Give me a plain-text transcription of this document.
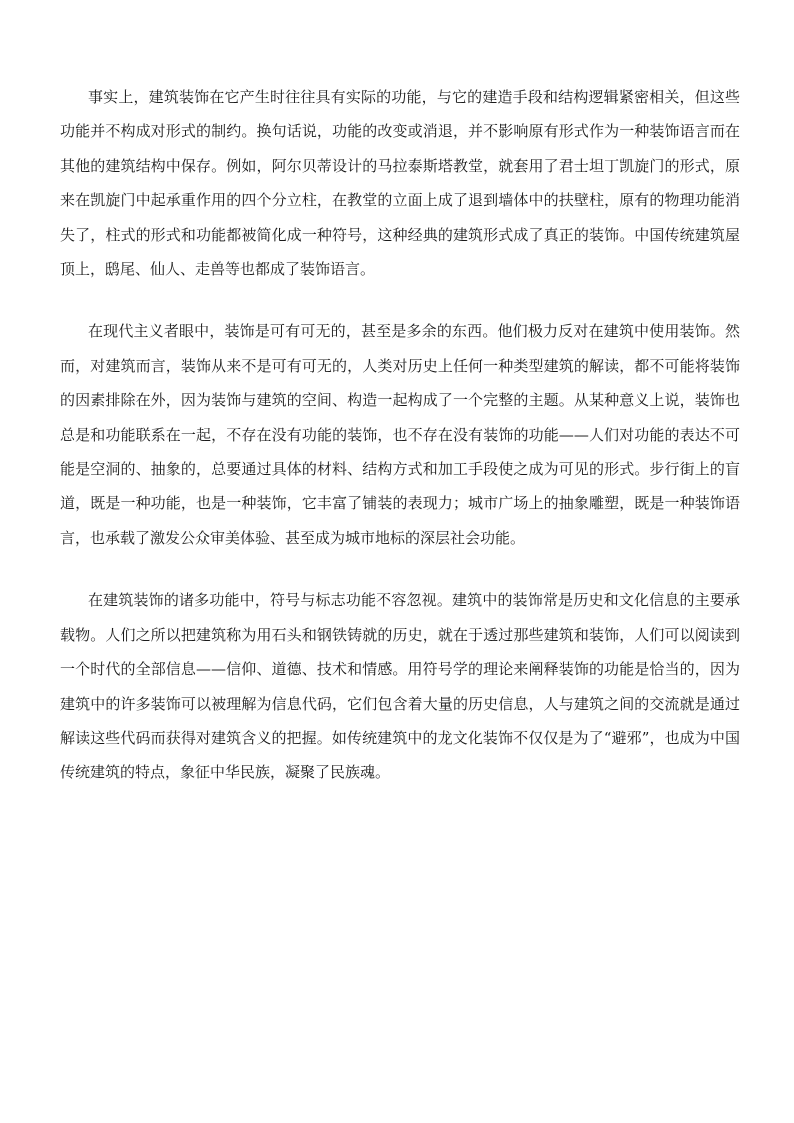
事实上，建筑装饰在它产生时往往具有实际的功能，与它的建造手段和结构逻辑紧密相关，但这些功能并不构成对形式的制约。换句话说，功能的改变或消退，并不影响原有形式作为一种装饰语言而在其他的建筑结构中保存。例如，阿尔贝蒂设计的马拉泰斯塔教堂，就套用了君士坦丁凯旋门的形式，原来在凯旋门中起承重作用的四个分立柱，在教堂的立面上成了退到墙体中的扶壁柱，原有的物理功能消失了，柱式的形式和功能都被简化成一种符号，这种经典的建筑形式成了真正的装饰。中国传统建筑屋顶上，鸱尾、仙人、走兽等也都成了装饰语言。

在现代主义者眼中，装饰是可有可无的，甚至是多余的东西。他们极力反对在建筑中使用装饰。然而，对建筑而言，装饰从来不是可有可无的，人类对历史上任何一种类型建筑的解读，都不可能将装饰的因素排除在外，因为装饰与建筑的空间、构造一起构成了一个完整的主题。从某种意义上说，装饰也总是和功能联系在一起，不存在没有功能的装饰，也不存在没有装饰的功能——人们对功能的表达不可能是空洞的、抽象的，总要通过具体的材料、结构方式和加工手段使之成为可见的形式。步行街上的盲道，既是一种功能，也是一种装饰，它丰富了铺装的表现力；城市广场上的抽象雕塑，既是一种装饰语言，也承载了激发公众审美体验、甚至成为城市地标的深层社会功能。

在建筑装饰的诸多功能中，符号与标志功能不容忽视。建筑中的装饰常是历史和文化信息的主要承载物。人们之所以把建筑称为用石头和钢铁铸就的历史，就在于透过那些建筑和装饰，人们可以阅读到一个时代的全部信息——信仰、道德、技术和情感。用符号学的理论来阐释装饰的功能是恰当的，因为建筑中的许多装饰可以被理解为信息代码，它们包含着大量的历史信息，人与建筑之间的交流就是通过解读这些代码而获得对建筑含义的把握。如传统建筑中的龙文化装饰不仅仅是为了“避邪”，也成为中国传统建筑的特点，象征中华民族，凝聚了民族魂。
